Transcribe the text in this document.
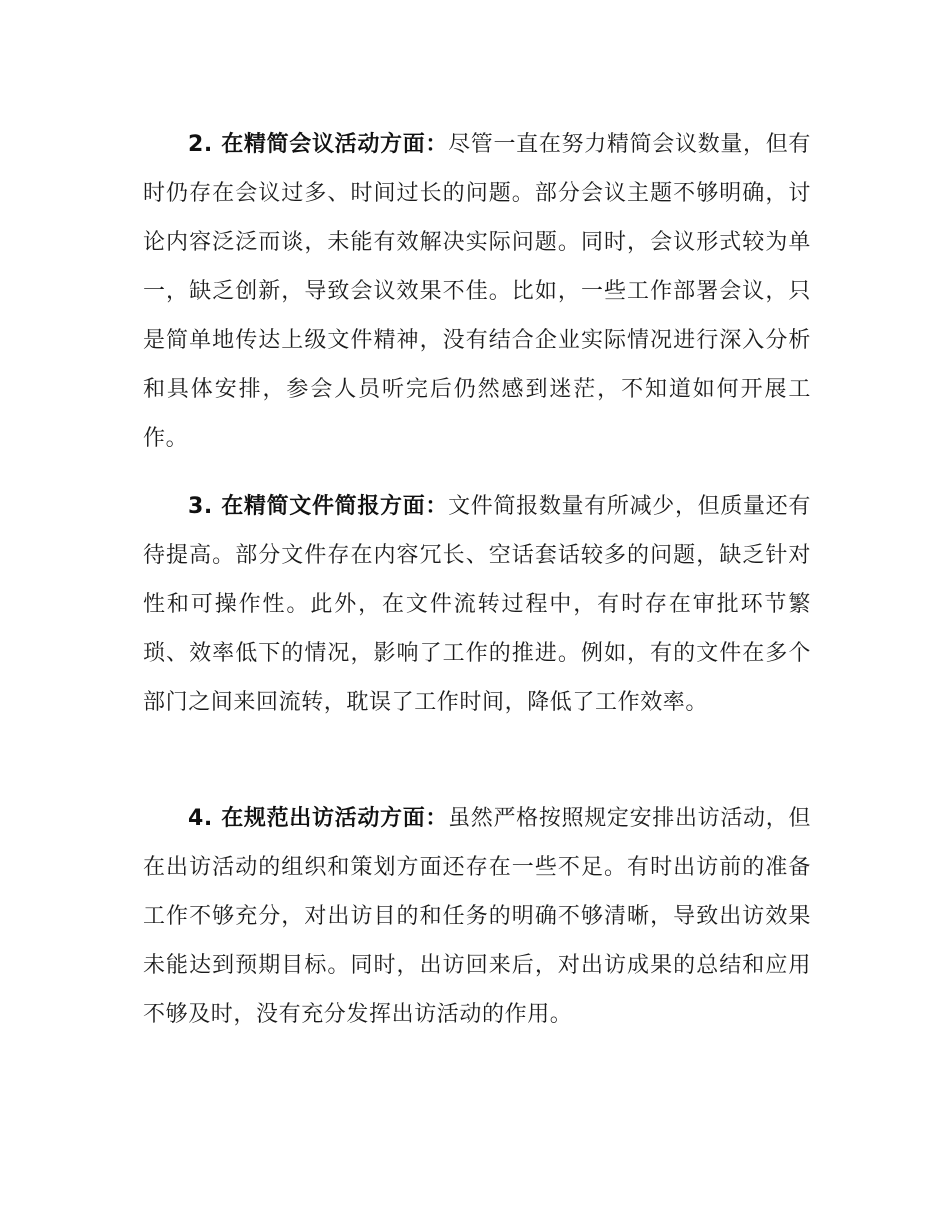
2. 在精简会议活动方面：尽管一直在努力精简会议数量，但有时仍存在会议过多、时间过长的问题。部分会议主题不够明确，讨论内容泛泛而谈，未能有效解决实际问题。同时，会议形式较为单一，缺乏创新，导致会议效果不佳。比如，一些工作部署会议，只是简单地传达上级文件精神，没有结合企业实际情况进行深入分析和具体安排，参会人员听完后仍然感到迷茫，不知道如何开展工作。

3. 在精简文件简报方面：文件简报数量有所减少，但质量还有待提高。部分文件存在内容冗长、空话套话较多的问题，缺乏针对性和可操作性。此外，在文件流转过程中，有时存在审批环节繁琐、效率低下的情况，影响了工作的推进。例如，有的文件在多个部门之间来回流转，耽误了工作时间，降低了工作效率。

4. 在规范出访活动方面：虽然严格按照规定安排出访活动，但在出访活动的组织和策划方面还存在一些不足。有时出访前的准备工作不够充分，对出访目的和任务的明确不够清晰，导致出访效果未能达到预期目标。同时，出访回来后，对出访成果的总结和应用不够及时，没有充分发挥出访活动的作用。
